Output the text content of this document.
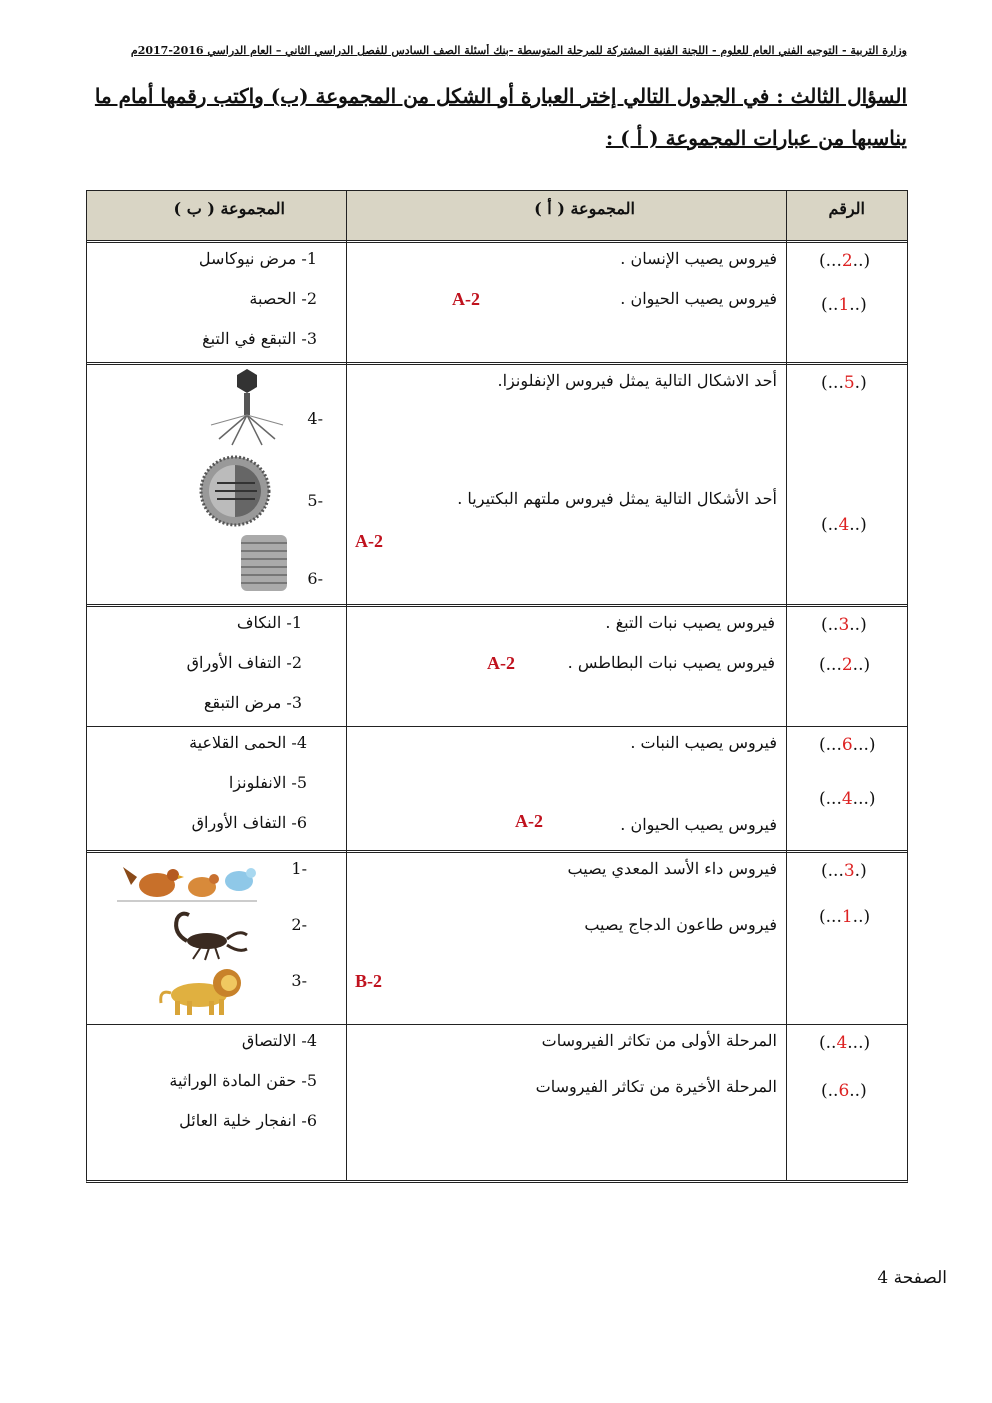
وزارة التربية - التوجيه الفني العام للعلوم - اللجنة الفنية المشتركة للمرحلة المتوسطة -بنك أسئلة الصف السادس للفصل الدراسي الثاني – العام الدراسي 2016-2017م
السؤال الثالث : في الجدول التالي إختر العبارة أو الشكل من المجموعة (ب) واكتب رقمها أمام ما
يناسبها من عبارات المجموعة ( أ ) :
الرقم
المجموعة ( أ )
المجموعة ( ب )
فيروس يصيب الإنسان .
فيروس يصيب الحيوان .
(...2..)
(..1..)
A-2
1- مرض نيوكاسل
2- الحصبة
3- التبقع في التبغ
أحد الاشكال التالية يمثل فيروس الإنفلونزا.
أحد الأشكال التالية يمثل فيروس ملتهم البكتيريا .
(...5.)
(..4..)
A-2
-4
-5
-6
فيروس يصيب نبات التبغ .
فيروس يصيب نبات البطاطس .
(..3..)
(...2..)
A-2
1- النكاف
2- التفاف الأوراق
3- مرض التبقع
فيروس يصيب النبات .
فيروس يصيب الحيوان .
(...6...)
(...4...)
A-2
4- الحمى القلاعية
5- الانفلونزا
6- التفاف الأوراق
فيروس داء الأسد المعدي يصيب
فيروس طاعون الدجاج يصيب
(...3.)
(...1..)
B-2
-1
-2
-3
المرحلة الأولى من تكاثر الفيروسات
المرحلة الأخيرة من تكاثر الفيروسات
(..4...)
(..6..)
4- الالتصاق
5- حقن المادة الوراثية
6- انفجار خلية العائل
الصفحة 4
